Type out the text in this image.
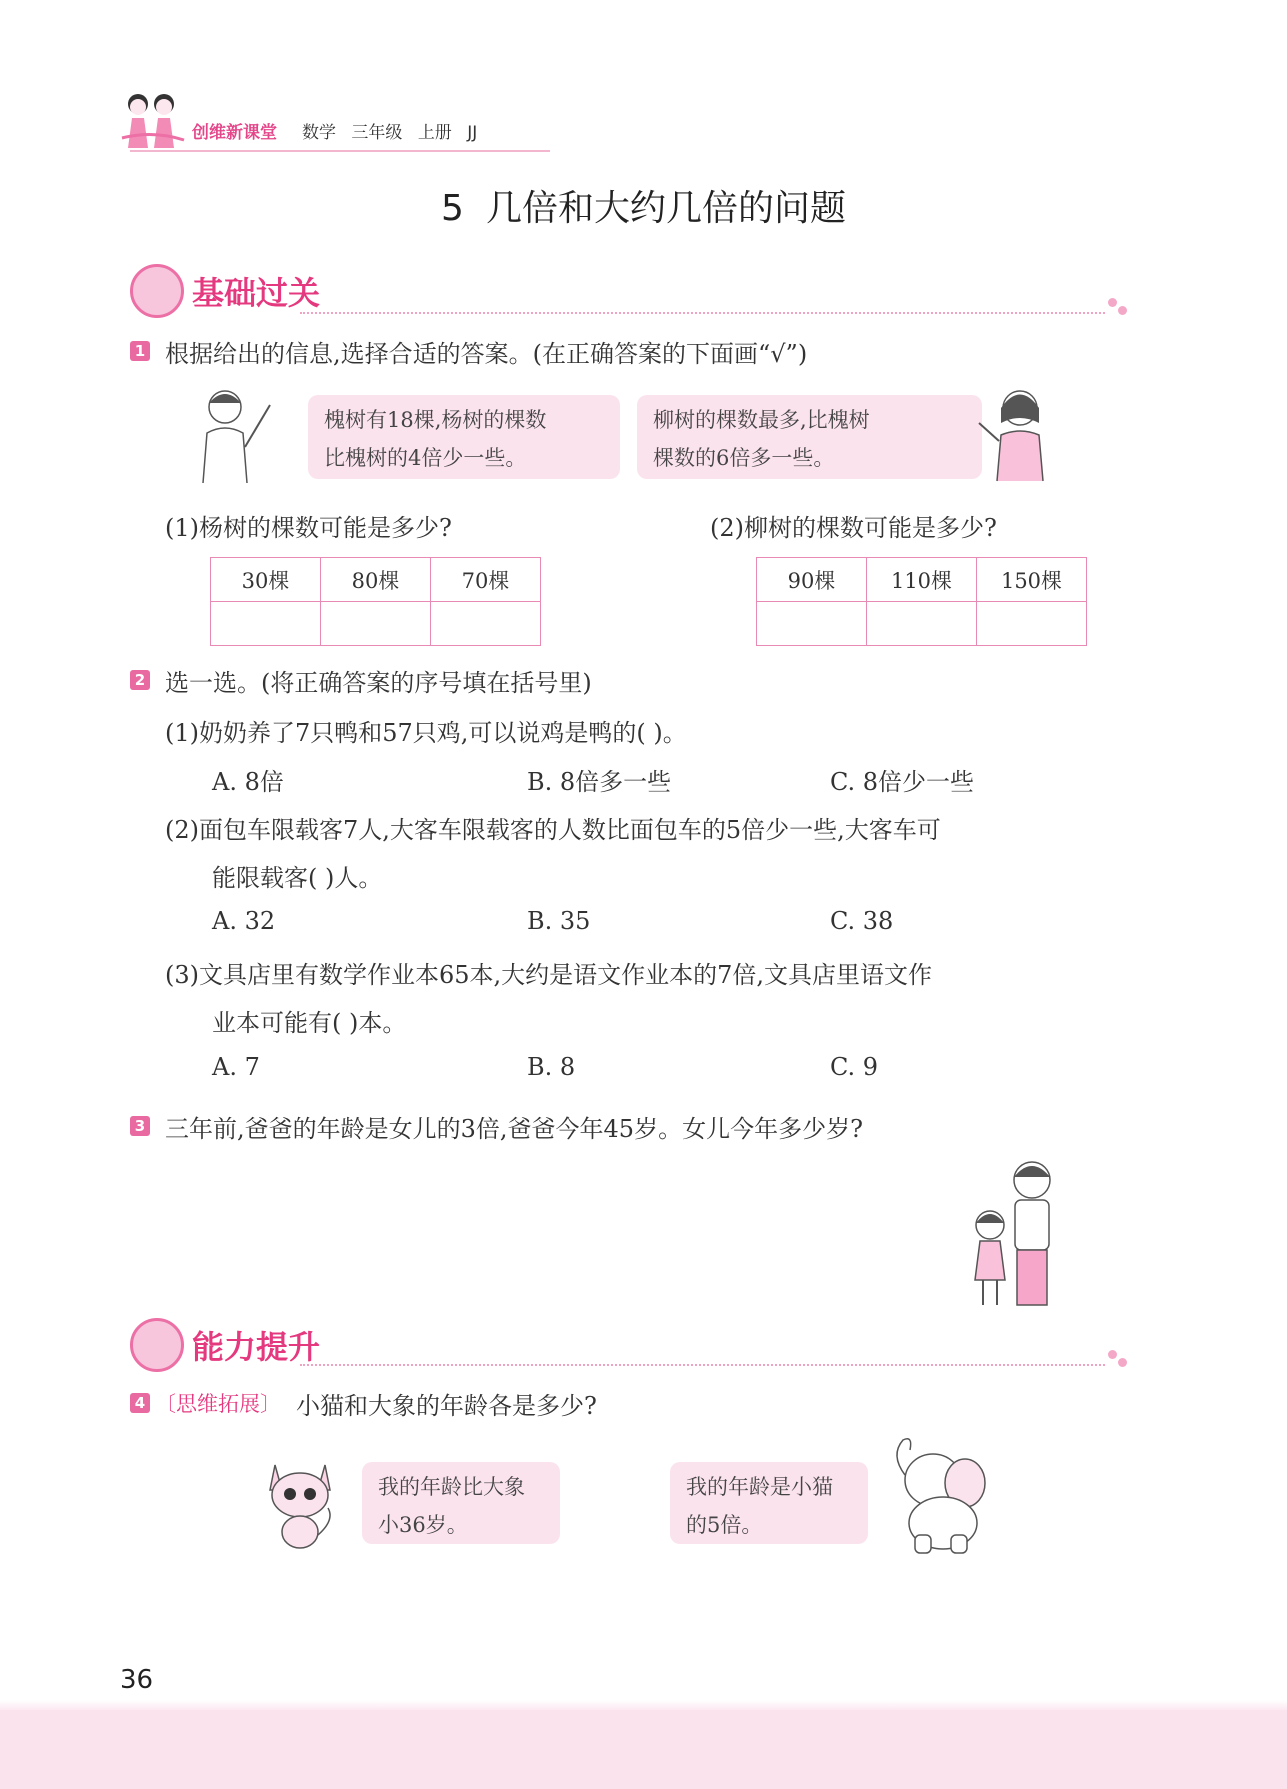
创维新课堂 数学 三年级 上册 JJ
5 几倍和大约几倍的问题
基础过关
1 根据给出的信息,选择合适的答案。(在正确答案的下面画“√”)
槐树有18棵,杨树的棵数
比槐树的4倍少一些。
柳树的棵数最多,比槐树
棵数的6倍多一些。
(1)杨树的棵数可能是多少?	(2)柳树的棵数可能是多少?
30棵	80棵	70棵
			90棵	110棵	150棵

2 选一选。(将正确答案的序号填在括号里)
(1)奶奶养了7只鸭和57只鸡,可以说鸡是鸭的( )。
A. 8倍	B. 8倍多一些	C. 8倍少一些
(2)面包车限载客7人,大客车限载客的人数比面包车的5倍少一些,大客车可
能限载客( )人。
A. 32	B. 35	C. 38
(3)文具店里有数学作业本65本,大约是语文作业本的7倍,文具店里语文作
业本可能有( )本。
A. 7	B. 8	C. 9
3 三年前,爸爸的年龄是女儿的3倍,爸爸今年45岁。女儿今年多少岁?
能力提升
4 〔思维拓展〕 小猫和大象的年龄各是多少?
我的年龄比大象
小36岁。
我的年龄是小猫
的5倍。
36
